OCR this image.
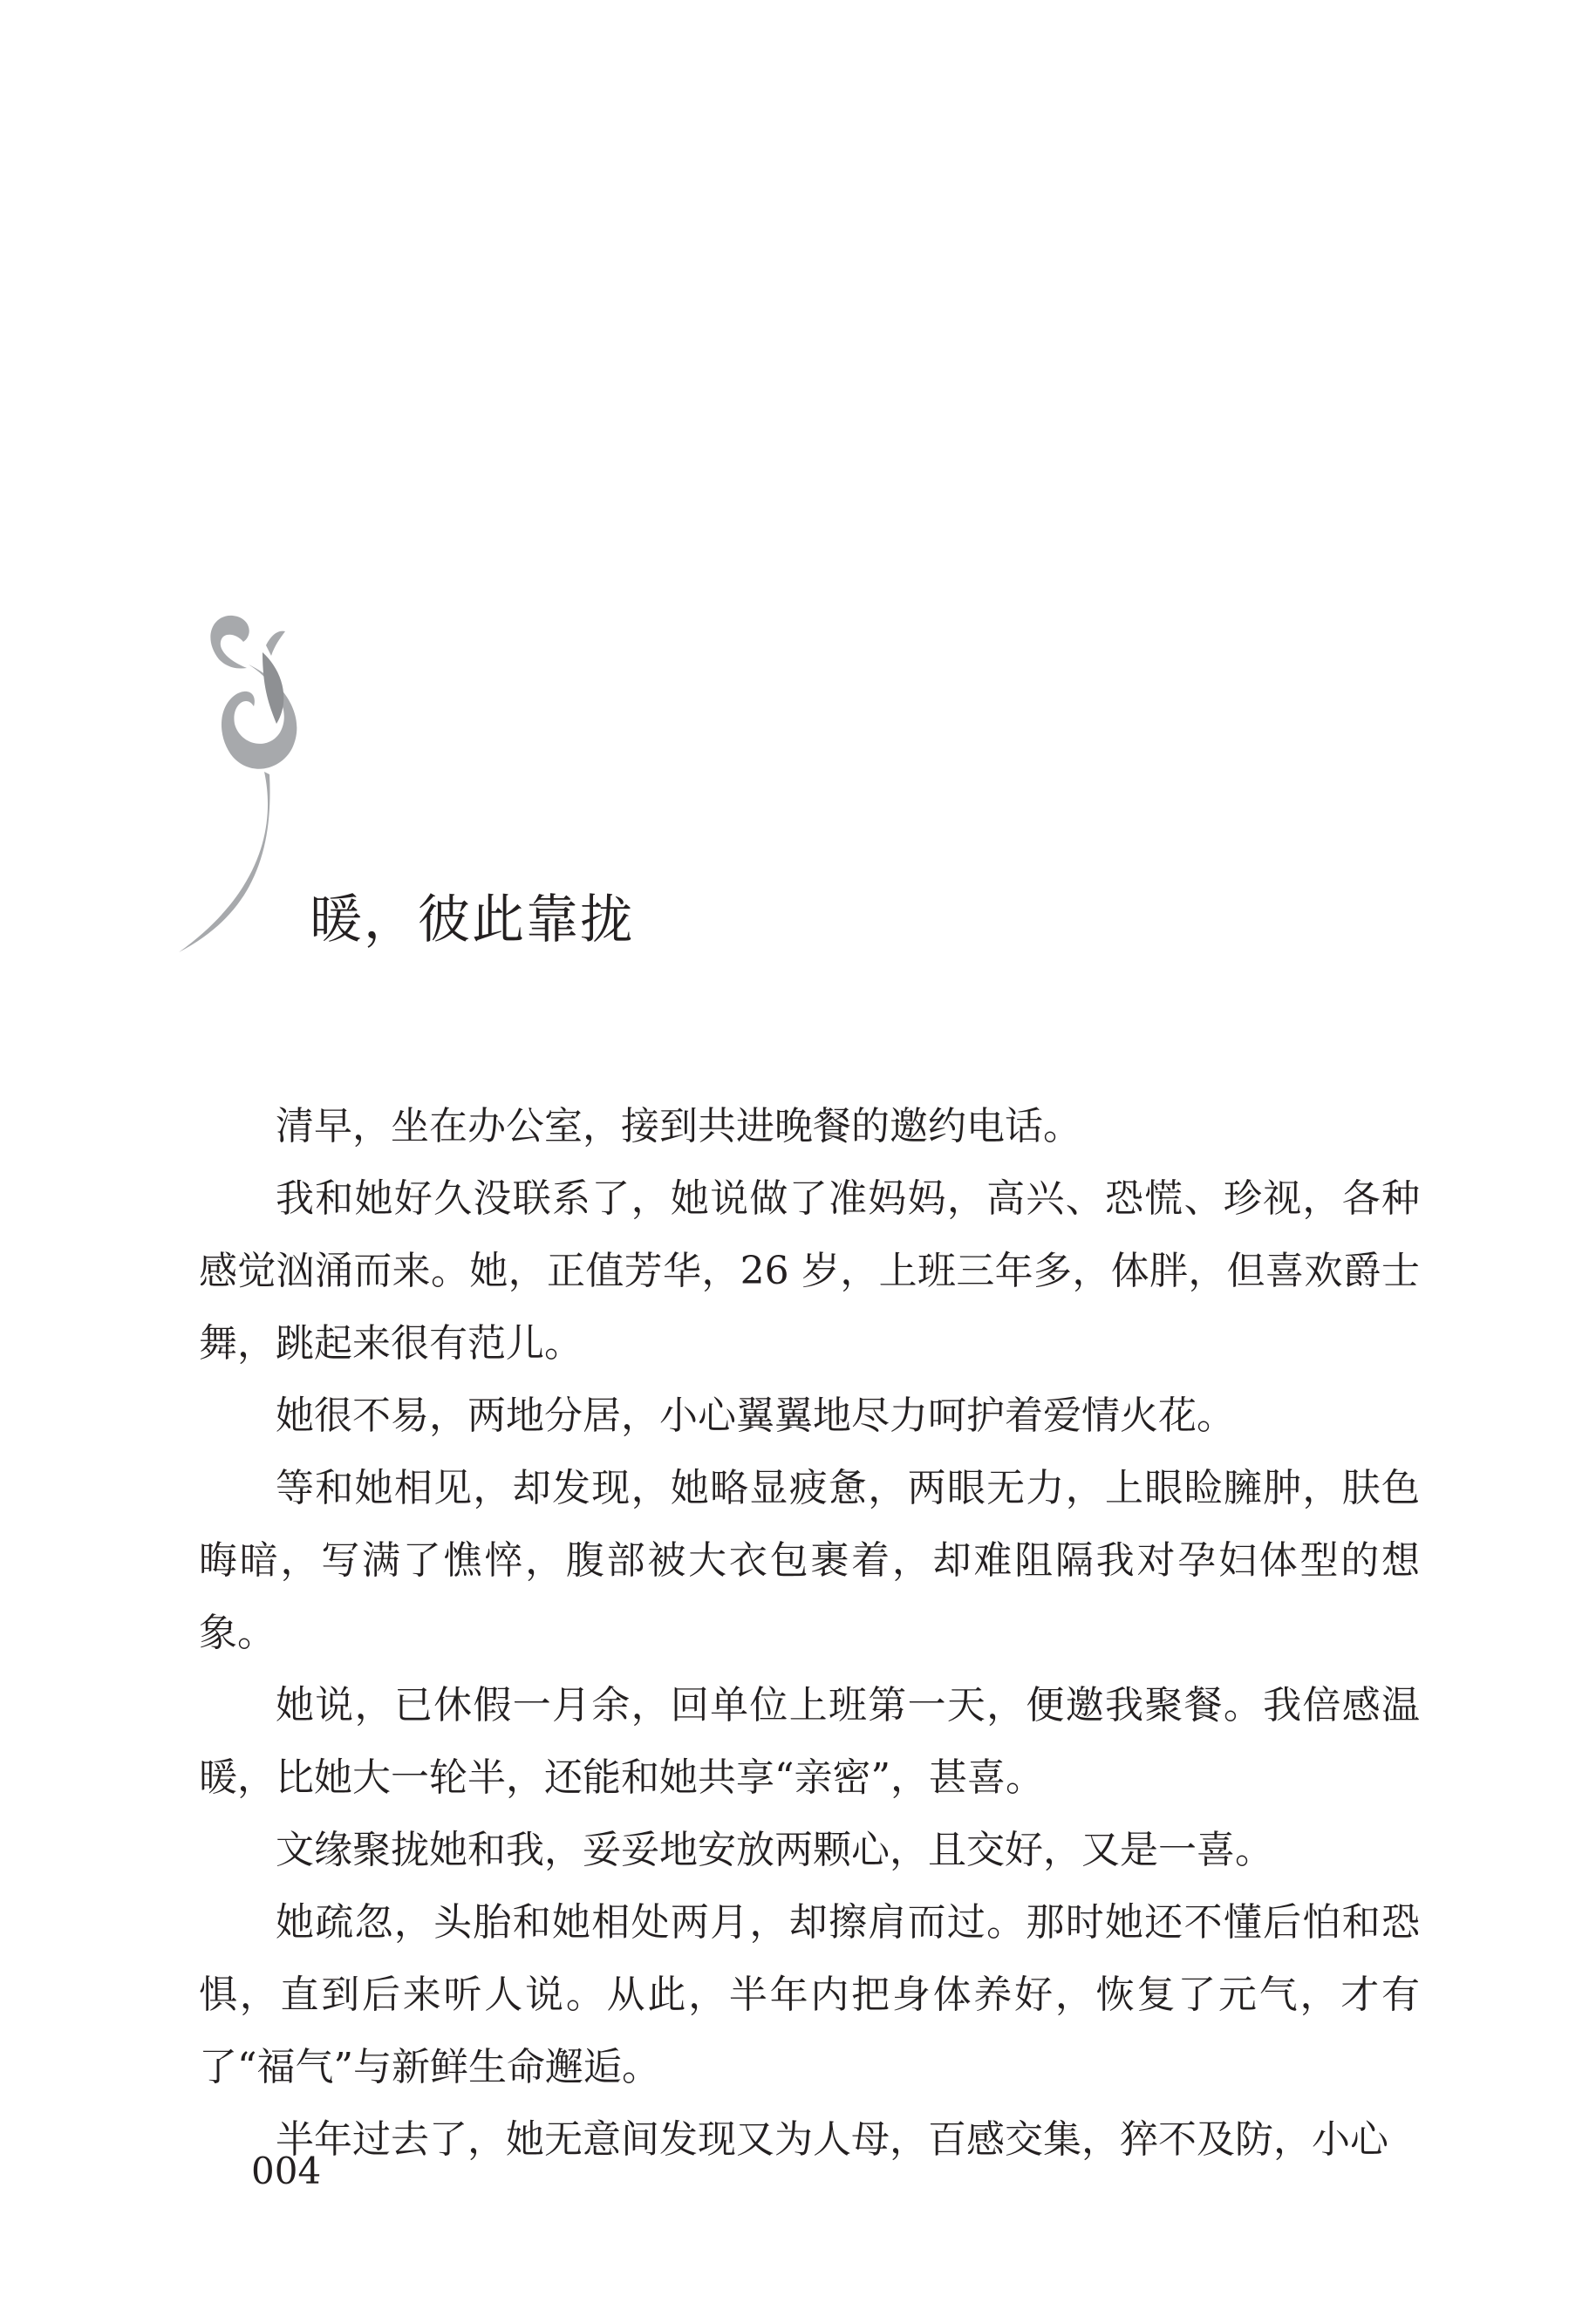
暖，彼此靠拢

清早，坐在办公室，接到共进晚餐的邀约电话。

我和她好久没联系了，她说做了准妈妈，高兴、恐慌、珍视，各种感觉汹涌而来。她，正值芳华，26 岁，上班三年多，体胖，但喜欢爵士舞，跳起来很有范儿。

她很不易，两地分居，小心翼翼地尽力呵护着爱情火花。

等和她相见，却发现，她略显疲惫，两眼无力，上眼睑臃肿，肤色晦暗，写满了憔悴，腹部被大衣包裹着，却难阻隔我对孕妇体型的想象。

她说，已休假一月余，回单位上班第一天，便邀我聚餐。我倍感温暖，比她大一轮半，还能和她共享“亲密”，甚喜。

文缘聚拢她和我，妥妥地安放两颗心，且交好，又是一喜。

她疏忽，头胎和她相处两月，却擦肩而过。那时她还不懂后怕和恐惧，直到后来听人说。从此，半年内把身体养好，恢复了元气，才有了“福气”与新鲜生命邂逅。

半年过去了，她无意间发现又为人母，百感交集，猝不及防，小心

004
